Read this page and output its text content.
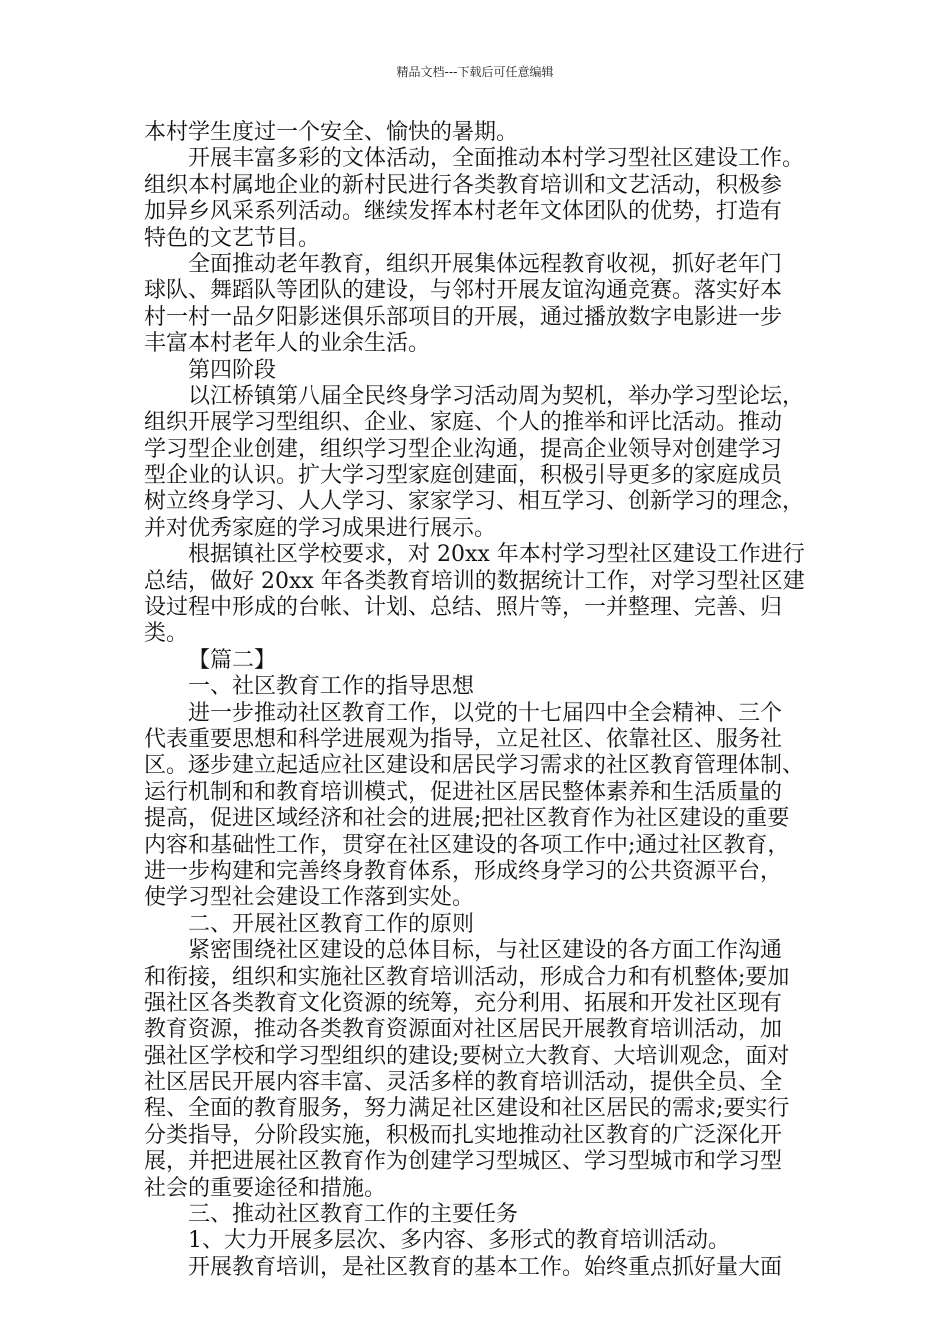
精品文档---下载后可任意编辑
本村学生度过一个安全、愉快的暑期。
开展丰富多彩的文体活动，全面推动本村学习型社区建设工作。
组织本村属地企业的新村民进行各类教育培训和文艺活动，积极参
加异乡风采系列活动。继续发挥本村老年文体团队的优势，打造有
特色的文艺节目。
全面推动老年教育，组织开展集体远程教育收视，抓好老年门
球队、舞蹈队等团队的建设，与邻村开展友谊沟通竞赛。落实好本
村一村一品夕阳影迷俱乐部项目的开展，通过播放数字电影进一步
丰富本村老年人的业余生活。
第四阶段
以江桥镇第八届全民终身学习活动周为契机，举办学习型论坛，
组织开展学习型组织、企业、家庭、个人的推举和评比活动。推动
学习型企业创建，组织学习型企业沟通，提高企业领导对创建学习
型企业的认识。扩大学习型家庭创建面，积极引导更多的家庭成员
树立终身学习、人人学习、家家学习、相互学习、创新学习的理念，
并对优秀家庭的学习成果进行展示。
根据镇社区学校要求，对 20xx 年本村学习型社区建设工作进行
总结，做好 20xx 年各类教育培训的数据统计工作，对学习型社区建
设过程中形成的台帐、计划、总结、照片等，一并整理、完善、归
类。
【篇二】
一、社区教育工作的指导思想
进一步推动社区教育工作，以党的十七届四中全会精神、三个
代表重要思想和科学进展观为指导，立足社区、依靠社区、服务社
区。逐步建立起适应社区建设和居民学习需求的社区教育管理体制、
运行机制和和教育培训模式，促进社区居民整体素养和生活质量的
提高，促进区域经济和社会的进展;把社区教育作为社区建设的重要
内容和基础性工作，贯穿在社区建设的各项工作中;通过社区教育，
进一步构建和完善终身教育体系，形成终身学习的公共资源平台，
使学习型社会建设工作落到实处。
二、开展社区教育工作的原则
紧密围绕社区建设的总体目标，与社区建设的各方面工作沟通
和衔接，组织和实施社区教育培训活动，形成合力和有机整体;要加
强社区各类教育文化资源的统筹，充分利用、拓展和开发社区现有
教育资源，推动各类教育资源面对社区居民开展教育培训活动，加
强社区学校和学习型组织的建设;要树立大教育、大培训观念，面对
社区居民开展内容丰富、灵活多样的教育培训活动，提供全员、全
程、全面的教育服务，努力满足社区建设和社区居民的需求;要实行
分类指导，分阶段实施，积极而扎实地推动社区教育的广泛深化开
展，并把进展社区教育作为创建学习型城区、学习型城市和学习型
社会的重要途径和措施。
三、推动社区教育工作的主要任务
1、大力开展多层次、多内容、多形式的教育培训活动。
开展教育培训，是社区教育的基本工作。始终重点抓好量大面
